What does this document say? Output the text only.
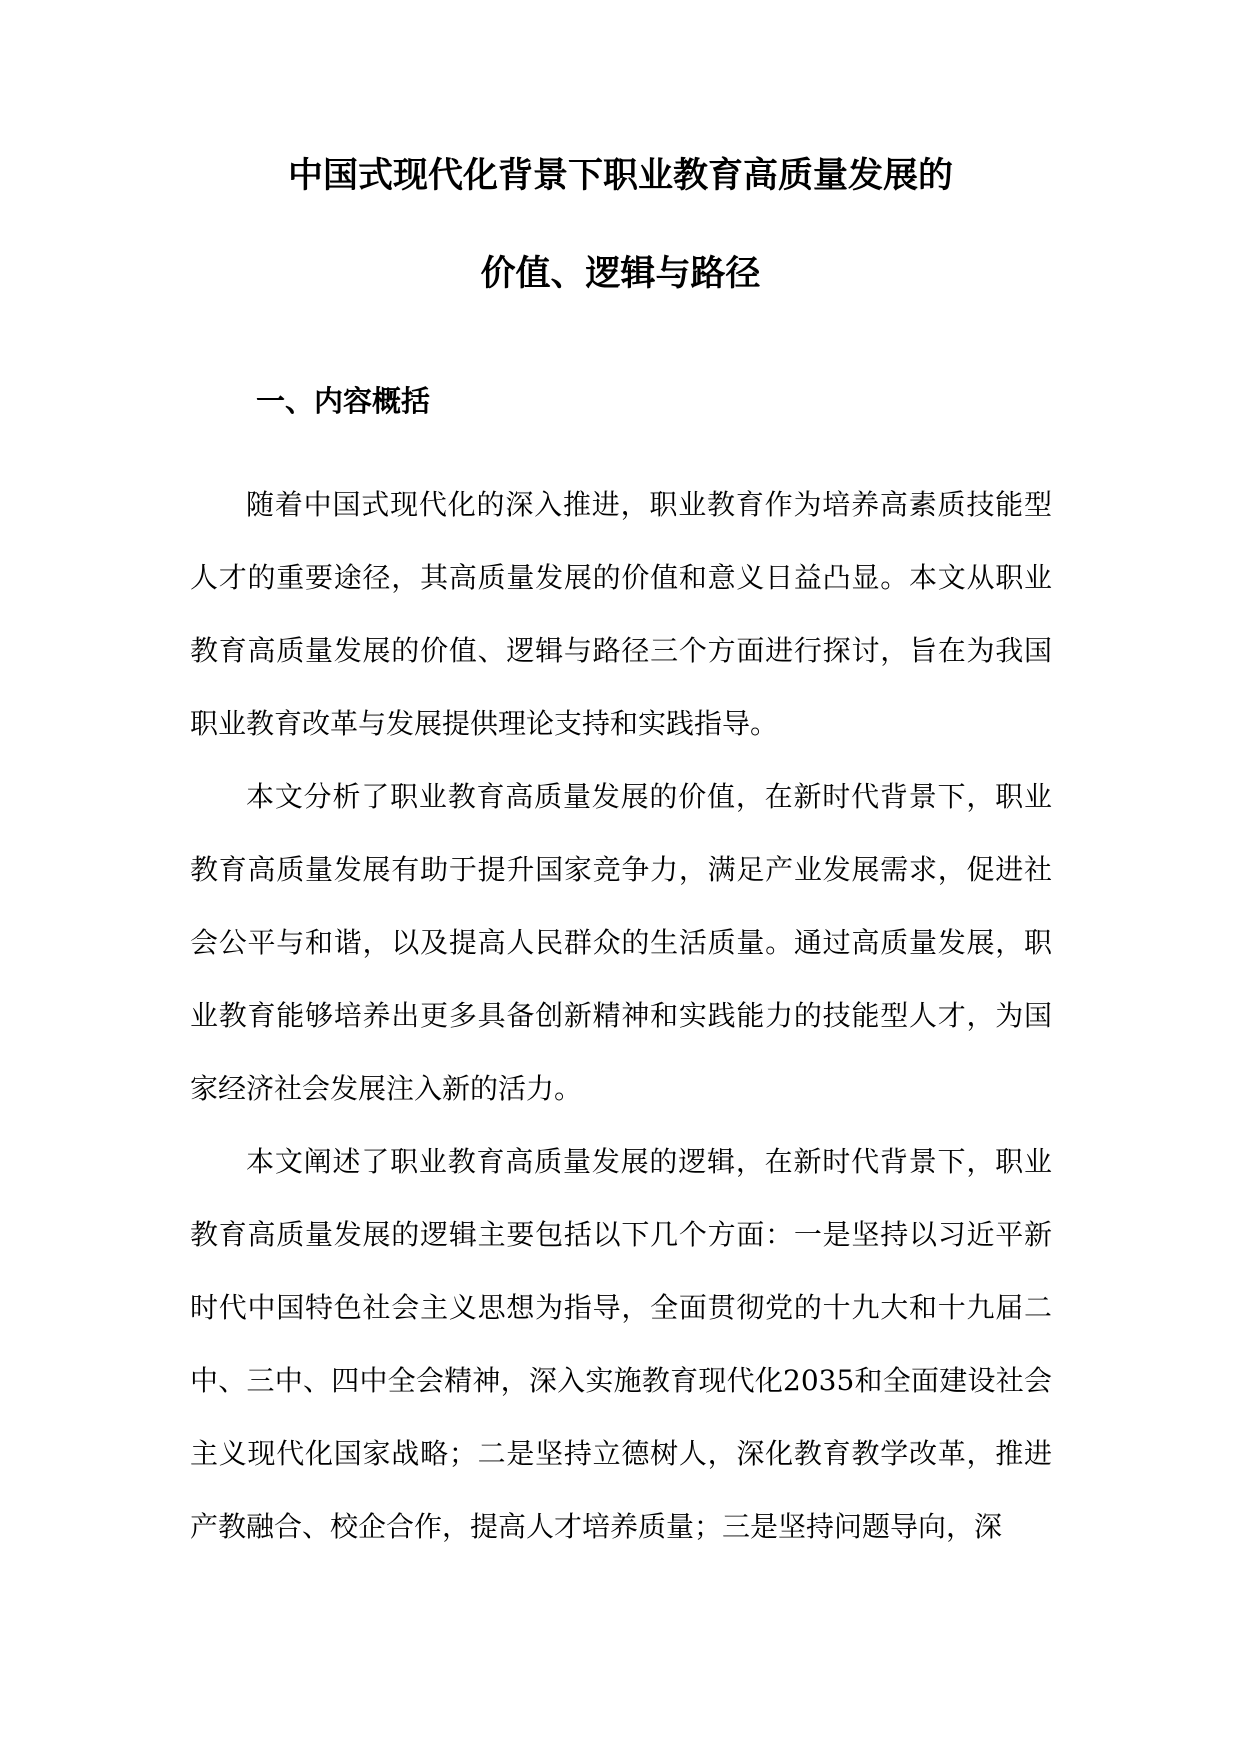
中国式现代化背景下职业教育高质量发展的
价值、逻辑与路径
一、内容概括

随着中国式现代化的深入推进，职业教育作为培养高素质技能型人才的重要途径，其高质量发展的价值和意义日益凸显。本文从职业教育高质量发展的价值、逻辑与路径三个方面进行探讨，旨在为我国职业教育改革与发展提供理论支持和实践指导。

本文分析了职业教育高质量发展的价值，在新时代背景下，职业教育高质量发展有助于提升国家竞争力，满足产业发展需求，促进社会公平与和谐，以及提高人民群众的生活质量。通过高质量发展，职业教育能够培养出更多具备创新精神和实践能力的技能型人才，为国家经济社会发展注入新的活力。

本文阐述了职业教育高质量发展的逻辑，在新时代背景下，职业教育高质量发展的逻辑主要包括以下几个方面：一是坚持以习近平新时代中国特色社会主义思想为指导，全面贯彻党的十九大和十九届二中、三中、四中全会精神，深入实施教育现代化2035和全面建设社会主义现代化国家战略；二是坚持立德树人，深化教育教学改革，推进产教融合、校企合作，提高人才培养质量；三是坚持问题导向，深
